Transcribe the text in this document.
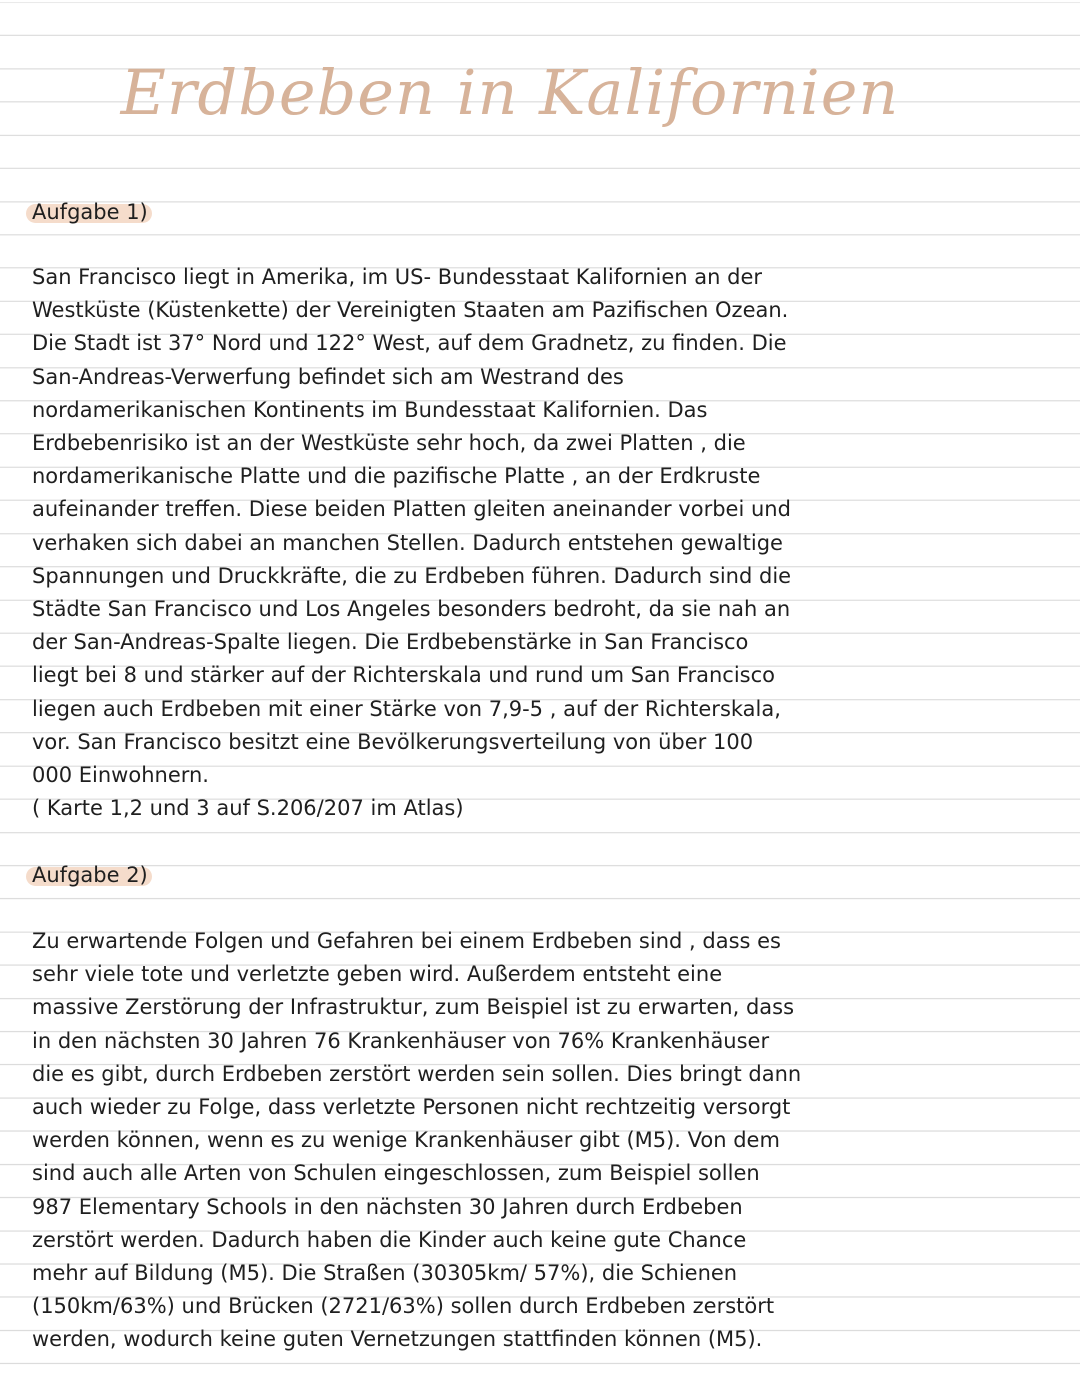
Erdbeben in Kalifornien
Aufgabe 1)
San Francisco liegt in Amerika, im US- Bundesstaat Kalifornien an der
Westküste (Küstenkette) der Vereinigten Staaten am Pazifischen Ozean.
Die Stadt ist 37° Nord und 122° West, auf dem Gradnetz, zu finden. Die
San-Andreas-Verwerfung befindet sich am Westrand des
nordamerikanischen Kontinents im Bundesstaat Kalifornien. Das
Erdbebenrisiko ist an der Westküste sehr hoch, da zwei Platten , die
nordamerikanische Platte und die pazifische Platte , an der Erdkruste
aufeinander treffen. Diese beiden Platten gleiten aneinander vorbei und
verhaken sich dabei an manchen Stellen. Dadurch entstehen gewaltige
Spannungen und Druckkräfte, die zu Erdbeben führen. Dadurch sind die
Städte San Francisco und Los Angeles besonders bedroht, da sie nah an
der San-Andreas-Spalte liegen. Die Erdbebenstärke in San Francisco
liegt bei 8 und stärker auf der Richterskala und rund um San Francisco
liegen auch Erdbeben mit einer Stärke von 7,9-5 , auf der Richterskala,
vor. San Francisco besitzt eine Bevölkerungsverteilung von über 100
000 Einwohnern.
( Karte 1,2 und 3 auf S.206/207 im Atlas)
Aufgabe 2)
Zu erwartende Folgen und Gefahren bei einem Erdbeben sind , dass es
sehr viele tote und verletzte geben wird. Außerdem entsteht eine
massive Zerstörung der Infrastruktur, zum Beispiel ist zu erwarten, dass
in den nächsten 30 Jahren 76 Krankenhäuser von 76% Krankenhäuser
die es gibt, durch Erdbeben zerstört werden sein sollen. Dies bringt dann
auch wieder zu Folge, dass verletzte Personen nicht rechtzeitig versorgt
werden können, wenn es zu wenige Krankenhäuser gibt (M5). Von dem
sind auch alle Arten von Schulen eingeschlossen, zum Beispiel sollen
987 Elementary Schools in den nächsten 30 Jahren durch Erdbeben
zerstört werden. Dadurch haben die Kinder auch keine gute Chance
mehr auf Bildung (M5). Die Straßen (30305km/ 57%), die Schienen
(150km/63%) und Brücken (2721/63%) sollen durch Erdbeben zerstört
werden, wodurch keine guten Vernetzungen stattfinden können (M5).
